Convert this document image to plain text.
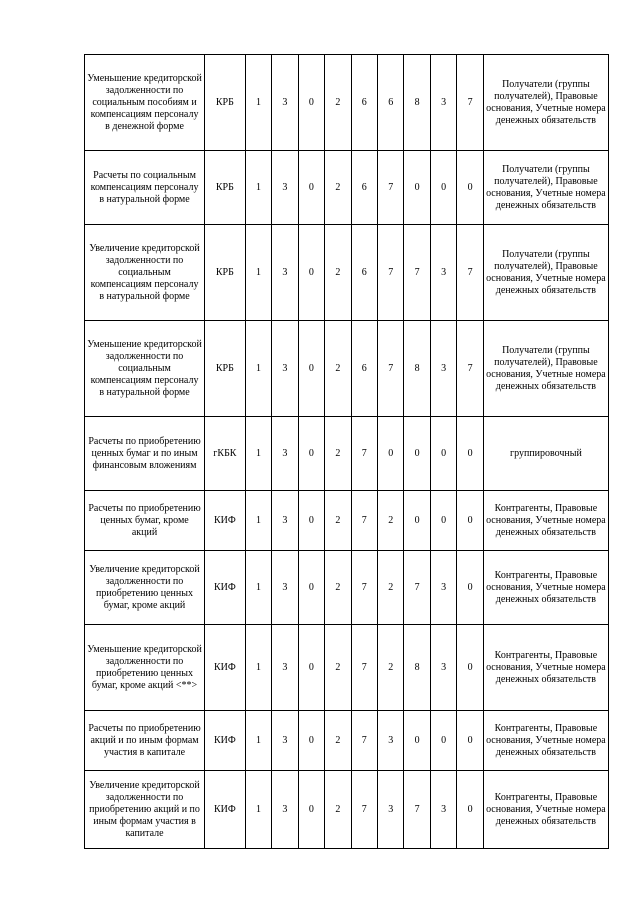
Уменьшение кредиторской задолженности по социальным пособиям и компенсациям персоналу в денежной форме	КРБ	1	3	0	2	6	6	8	3	7	Получатели (группы получателей), Правовые основания, Учетные номера денежных обязательств
Расчеты по социальным компенсациям персоналу в натуральной форме	КРБ	1	3	0	2	6	7	0	0	0	Получатели (группы получателей), Правовые основания, Учетные номера денежных обязательств
Увеличение кредиторской задолженности по социальным компенсациям персоналу в натуральной форме	КРБ	1	3	0	2	6	7	7	3	7	Получатели (группы получателей), Правовые основания, Учетные номера денежных обязательств
Уменьшение кредиторской задолженности по социальным компенсациям персоналу в натуральной форме	КРБ	1	3	0	2	6	7	8	3	7	Получатели (группы получателей), Правовые основания, Учетные номера денежных обязательств
Расчеты по приобретению ценных бумаг и по иным финансовым вложениям	гКБК	1	3	0	2	7	0	0	0	0	группировочный
Расчеты по приобретению ценных бумаг, кроме акций	КИФ	1	3	0	2	7	2	0	0	0	Контрагенты, Правовые основания, Учетные номера денежных обязательств
Увеличение кредиторской задолженности по приобретению ценных бумаг, кроме акций	КИФ	1	3	0	2	7	2	7	3	0	Контрагенты, Правовые основания, Учетные номера денежных обязательств
Уменьшение кредиторской задолженности по приобретению ценных бумаг, кроме акций <**>	КИФ	1	3	0	2	7	2	8	3	0	Контрагенты, Правовые основания, Учетные номера денежных обязательств
Расчеты по приобретению акций и по иным формам участия в капитале	КИФ	1	3	0	2	7	3	0	0	0	Контрагенты, Правовые основания, Учетные номера денежных обязательств
Увеличение кредиторской задолженности по приобретению акций и по иным формам участия в капитале	КИФ	1	3	0	2	7	3	7	3	0	Контрагенты, Правовые основания, Учетные номера денежных обязательств
